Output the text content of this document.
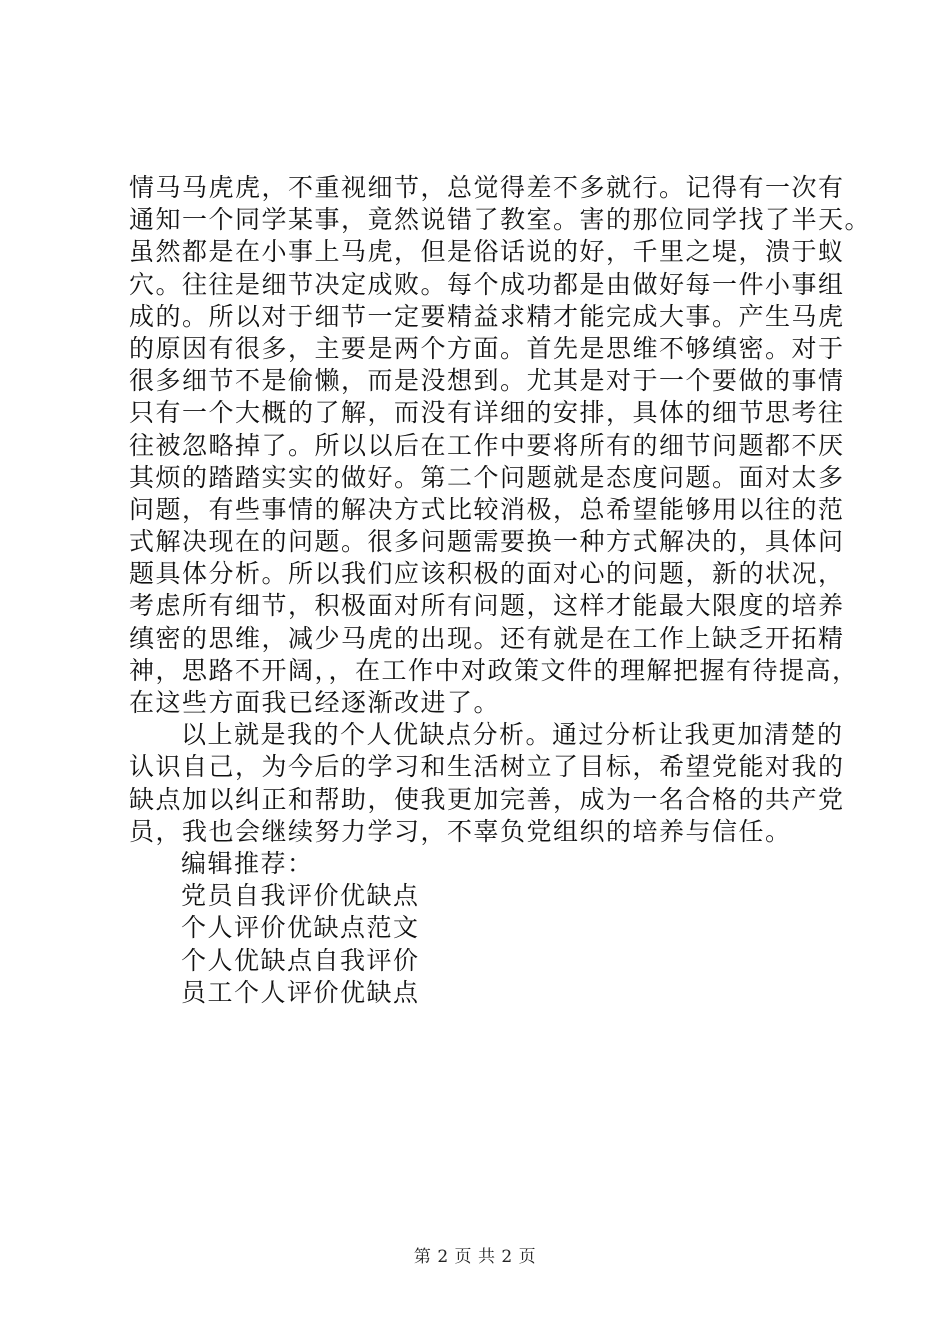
情马马虎虎，不重视细节，总觉得差不多就行。记得有一次有
通知一个同学某事，竟然说错了教室。害的那位同学找了半天。
虽然都是在小事上马虎，但是俗话说的好，千里之堤，溃于蚁
穴。往往是细节决定成败。每个成功都是由做好每一件小事组
成的。所以对于细节一定要精益求精才能完成大事。产生马虎
的原因有很多，主要是两个方面。首先是思维不够缜密。对于
很多细节不是偷懒，而是没想到。尤其是对于一个要做的事情
只有一个大概的了解，而没有详细的安排，具体的细节思考往
往被忽略掉了。所以以后在工作中要将所有的细节问题都不厌
其烦的踏踏实实的做好。第二个问题就是态度问题。面对太多
问题，有些事情的解决方式比较消极，总希望能够用以往的范
式解决现在的问题。很多问题需要换一种方式解决的，具体问
题具体分析。所以我们应该积极的面对心的问题，新的状况，
考虑所有细节，积极面对所有问题，这样才能最大限度的培养
缜密的思维，减少马虎的出现。还有就是在工作上缺乏开拓精
神，思路不开阔，，在工作中对政策文件的理解把握有待提高，
在这些方面我已经逐渐改进了。
以上就是我的个人优缺点分析。通过分析让我更加清楚的
认识自己，为今后的学习和生活树立了目标，希望党能对我的
缺点加以纠正和帮助，使我更加完善，成为一名合格的共产党
员，我也会继续努力学习，不辜负党组织的培养与信任。
编辑推荐：
党员自我评价优缺点
个人评价优缺点范文
个人优缺点自我评价
员工个人评价优缺点
第 2 页 共 2 页
